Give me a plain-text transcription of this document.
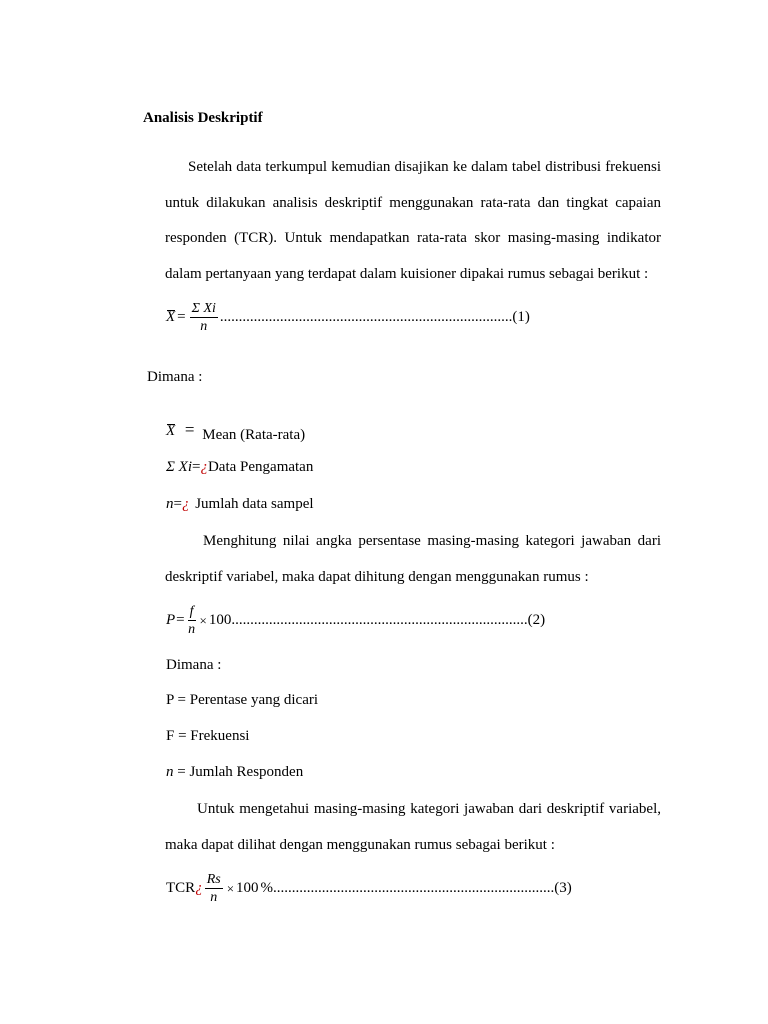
Analisis Deskriptif
Setelah data terkumpul kemudian disajikan ke dalam tabel distribusi frekuensi
untuk dilakukan analisis deskriptif menggunakan rata-rata dan tingkat capaian
responden (TCR). Untuk mendapatkan rata-rata skor masing-masing indikator
dalam pertanyaan yang terdapat dalam kuisioner dipakai rumus sebagai berikut :
$X = \frac{\text{Σ Xi}}{n}$ .............................................................................. (1)
Dimana :
X = Mean (Rata-rata)
Σ Xi=¿Data Pengamatan
n=¿ Jumlah data sampel
Menghitung nilai angka persentase masing-masing kategori jawaban dari
deskriptif variabel, maka dapat dihitung dengan menggunakan rumus :
$P = \frac{f}{n} \times 100$ ............................................................................... (2)
Dimana :
P = Perentase yang dicari
F = Frekuensi
n = Jumlah Responden
Untuk mengetahui masing-masing kategori jawaban dari deskriptif variabel,
maka dapat dilihat dengan menggunakan rumus sebagai berikut :
TCR ¿ $\frac{Rs}{n} \times 100$ % ........................................................................... (3)
